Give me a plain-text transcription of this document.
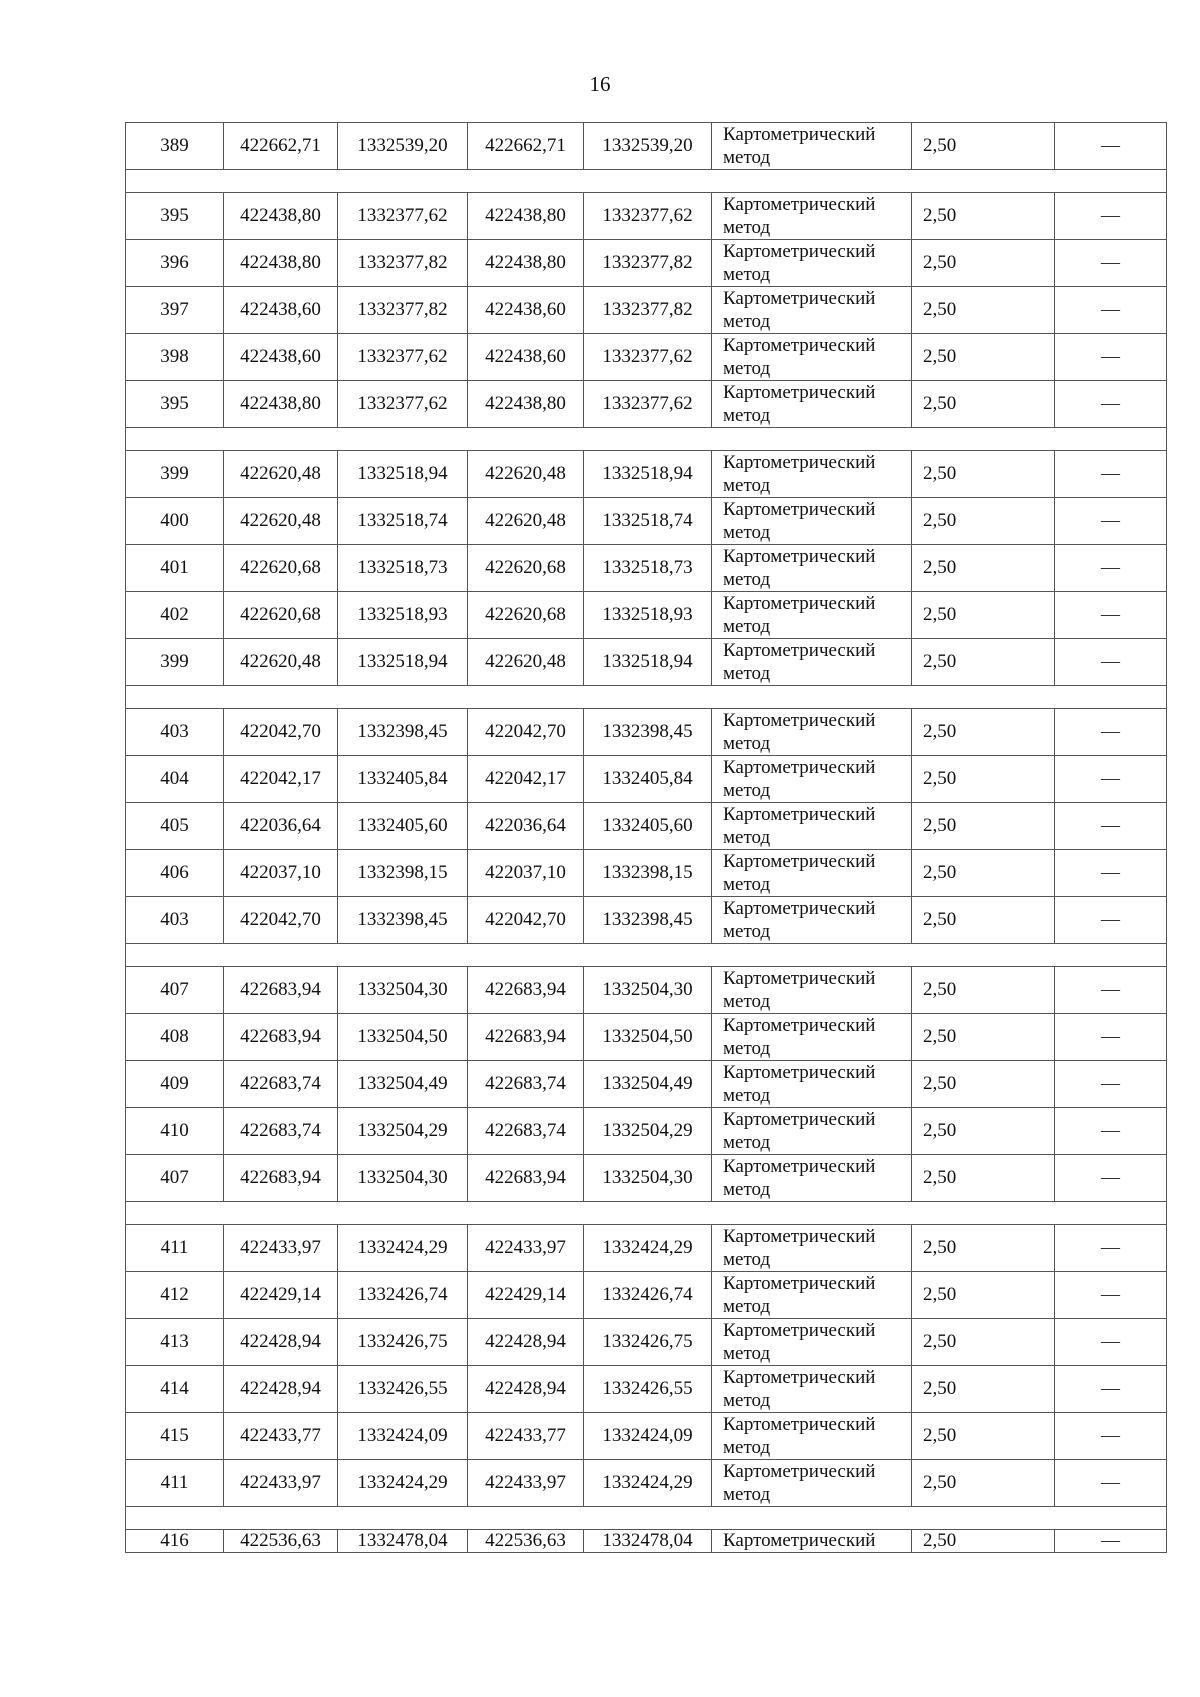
16
389	422662,71	1332539,20	422662,71	1332539,20	Картометрический
метод	2,50	—

395	422438,80	1332377,62	422438,80	1332377,62	Картометрический
метод	2,50	—
396	422438,80	1332377,82	422438,80	1332377,82	Картометрический
метод	2,50	—
397	422438,60	1332377,82	422438,60	1332377,82	Картометрический
метод	2,50	—
398	422438,60	1332377,62	422438,60	1332377,62	Картометрический
метод	2,50	—
395	422438,80	1332377,62	422438,80	1332377,62	Картометрический
метод	2,50	—

399	422620,48	1332518,94	422620,48	1332518,94	Картометрический
метод	2,50	—
400	422620,48	1332518,74	422620,48	1332518,74	Картометрический
метод	2,50	—
401	422620,68	1332518,73	422620,68	1332518,73	Картометрический
метод	2,50	—
402	422620,68	1332518,93	422620,68	1332518,93	Картометрический
метод	2,50	—
399	422620,48	1332518,94	422620,48	1332518,94	Картометрический
метод	2,50	—

403	422042,70	1332398,45	422042,70	1332398,45	Картометрический
метод	2,50	—
404	422042,17	1332405,84	422042,17	1332405,84	Картометрический
метод	2,50	—
405	422036,64	1332405,60	422036,64	1332405,60	Картометрический
метод	2,50	—
406	422037,10	1332398,15	422037,10	1332398,15	Картометрический
метод	2,50	—
403	422042,70	1332398,45	422042,70	1332398,45	Картометрический
метод	2,50	—

407	422683,94	1332504,30	422683,94	1332504,30	Картометрический
метод	2,50	—
408	422683,94	1332504,50	422683,94	1332504,50	Картометрический
метод	2,50	—
409	422683,74	1332504,49	422683,74	1332504,49	Картометрический
метод	2,50	—
410	422683,74	1332504,29	422683,74	1332504,29	Картометрический
метод	2,50	—
407	422683,94	1332504,30	422683,94	1332504,30	Картометрический
метод	2,50	—

411	422433,97	1332424,29	422433,97	1332424,29	Картометрический
метод	2,50	—
412	422429,14	1332426,74	422429,14	1332426,74	Картометрический
метод	2,50	—
413	422428,94	1332426,75	422428,94	1332426,75	Картометрический
метод	2,50	—
414	422428,94	1332426,55	422428,94	1332426,55	Картометрический
метод	2,50	—
415	422433,77	1332424,09	422433,77	1332424,09	Картометрический
метод	2,50	—
411	422433,97	1332424,29	422433,97	1332424,29	Картометрический
метод	2,50	—

416	422536,63	1332478,04	422536,63	1332478,04	Картометрический	2,50	—
